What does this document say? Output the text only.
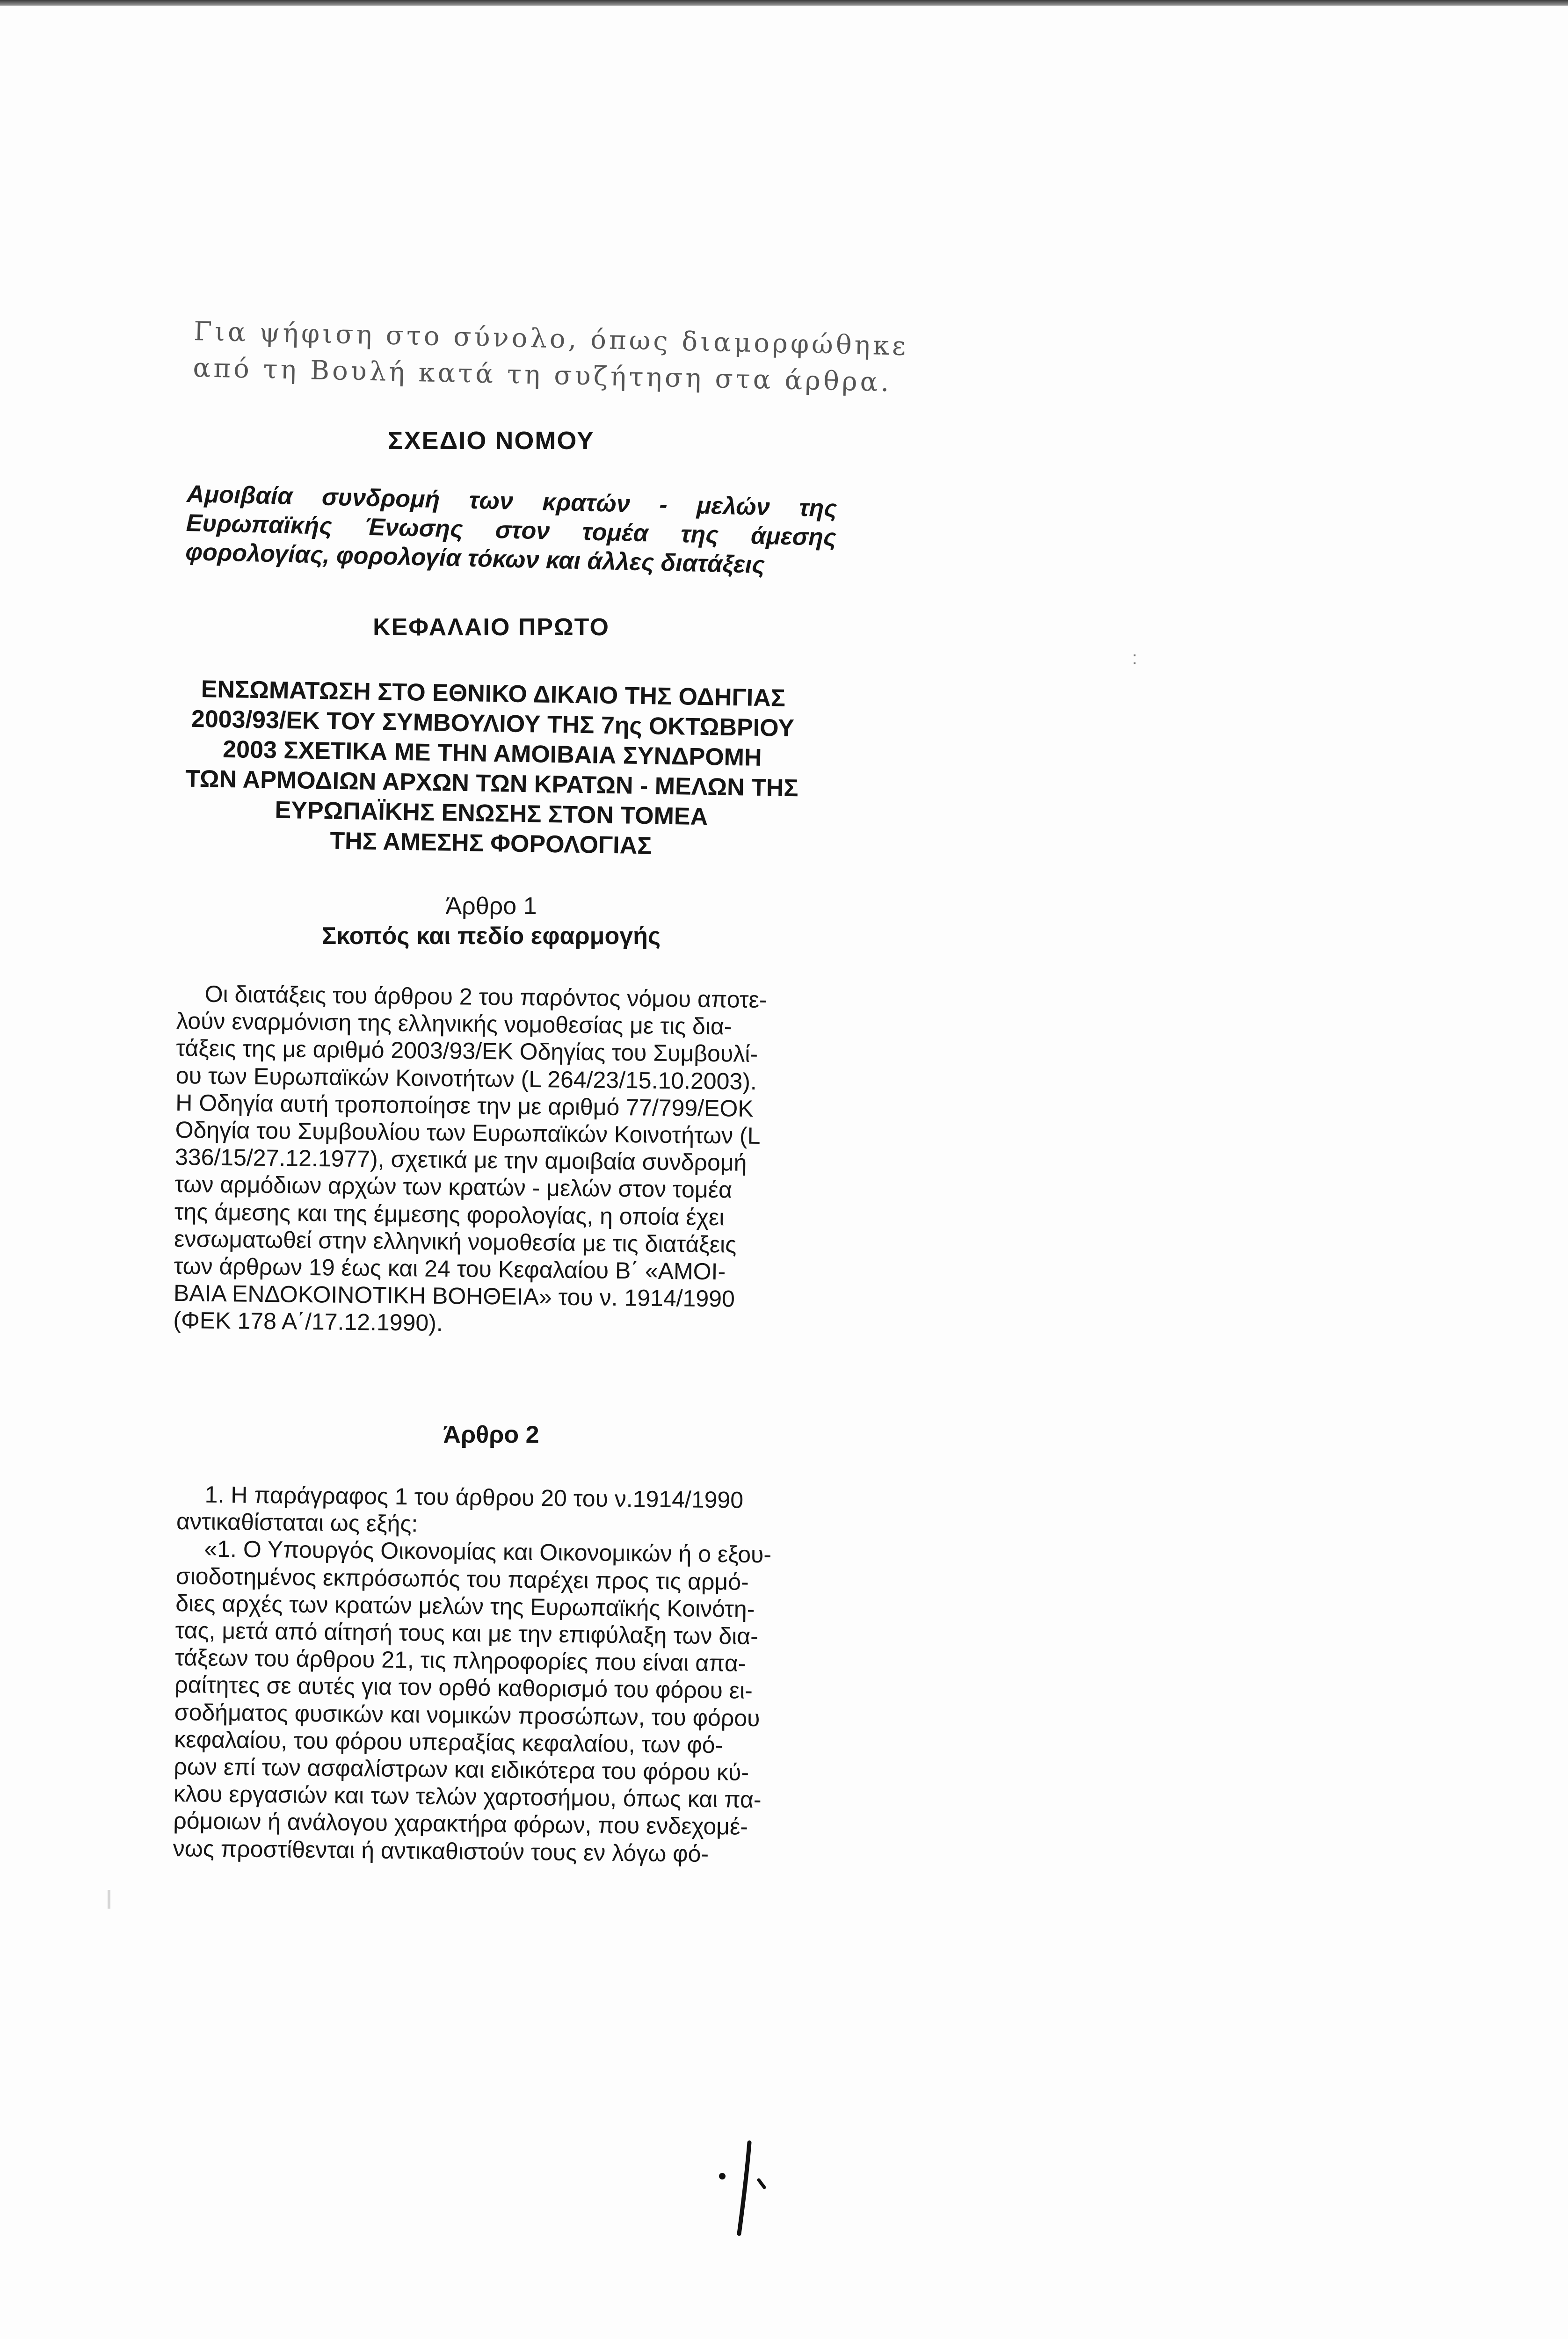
Για ψήφιση στο σύνολο, όπως διαμορφώθηκε
από τη Βουλή κατά τη συζήτηση στα άρθρα.
ΣΧΕΔΙΟ ΝΟΜΟΥ
Αμοιβαία συνδρομή των κρατών - μελών της Ευρωπαϊκής Ένωσης στον τομέα της άμεσης φορολογίας, φορολογία τόκων και άλλες διατάξεις
ΚΕΦΑΛΑΙΟ ΠΡΩΤΟ
ΕΝΣΩΜΑΤΩΣΗ ΣΤΟ ΕΘΝΙΚΟ ΔΙΚΑΙΟ ΤΗΣ ΟΔΗΓΙΑΣ
2003/93/ΕΚ ΤΟΥ ΣΥΜΒΟΥΛΙΟΥ ΤΗΣ 7ης ΟΚΤΩΒΡΙΟΥ
2003 ΣΧΕΤΙΚΑ ΜΕ ΤΗΝ ΑΜΟΙΒΑΙΑ ΣΥΝΔΡΟΜΗ
ΤΩΝ ΑΡΜΟΔΙΩΝ ΑΡΧΩΝ ΤΩΝ ΚΡΑΤΩΝ - ΜΕΛΩΝ ΤΗΣ
ΕΥΡΩΠΑΪΚΗΣ ΕΝΩΣΗΣ ΣΤΟΝ ΤΟΜΕΑ
ΤΗΣ ΑΜΕΣΗΣ ΦΟΡΟΛΟΓΙΑΣ
Άρθρο 1
Σκοπός και πεδίο εφαρμογής
Οι διατάξεις του άρθρου 2 του παρόντος νόμου αποτε-
λούν εναρμόνιση της ελληνικής νομοθεσίας με τις δια-
τάξεις της με αριθμό 2003/93/ΕΚ Οδηγίας του Συμβουλί-
ου των Ευρωπαϊκών Κοινοτήτων (L 264/23/15.10.2003).
Η Οδηγία αυτή τροποποίησε την με αριθμό 77/799/ΕΟΚ
Οδηγία του Συμβουλίου των Ευρωπαϊκών Κοινοτήτων (L
336/15/27.12.1977), σχετικά με την αμοιβαία συνδρομή
των αρμόδιων αρχών των κρατών - μελών στον τομέα
της άμεσης και της έμμεσης φορολογίας, η οποία έχει
ενσωματωθεί στην ελληνική νομοθεσία με τις διατάξεις
των άρθρων 19 έως και 24 του Κεφαλαίου Β΄ «ΑΜΟΙ-
ΒΑΙΑ ΕΝΔΟΚΟΙΝΟΤΙΚΗ ΒΟΗΘΕΙΑ» του ν. 1914/1990
(ΦΕΚ 178 Α΄/17.12.1990).
Άρθρο 2
1. Η παράγραφος 1 του άρθρου 20 του ν.1914/1990
αντικαθίσταται ως εξής:
«1. Ο Υπουργός Οικονομίας και Οικονομικών ή ο εξου-
σιοδοτημένος εκπρόσωπός του παρέχει προς τις αρμό-
διες αρχές των κρατών μελών της Ευρωπαϊκής Κοινότη-
τας, μετά από αίτησή τους και με την επιφύλαξη των δια-
τάξεων του άρθρου 21, τις πληροφορίες που είναι απα-
ραίτητες σε αυτές για τον ορθό καθορισμό του φόρου ει-
σοδήματος φυσικών και νομικών προσώπων, του φόρου
κεφαλαίου, του φόρου υπεραξίας κεφαλαίου, των φό-
ρων επί των ασφαλίστρων και ειδικότερα του φόρου κύ-
κλου εργασιών και των τελών χαρτοσήμου, όπως και πα-
ρόμοιων ή ανάλογου χαρακτήρα φόρων, που ενδεχομέ-
νως προστίθενται ή αντικαθιστούν τους εν λόγω φό-
:
